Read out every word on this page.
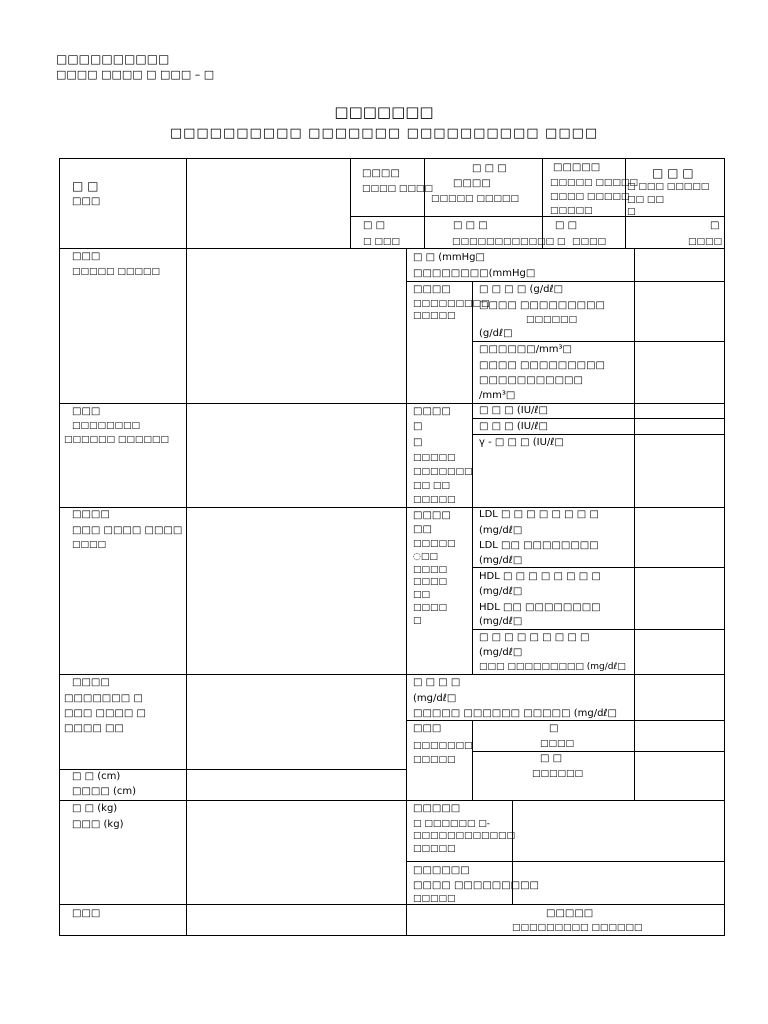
□□□□□□□□□□
□□□□ □□□□ □ □□□ – □
□□□□□□□
□□□□□□□□□□ □□□□□□□ □□□□□□□□□□ □□□□
□ □
□□□
□□□□
□□□□ □□□□
□ □ □
□□□□
□□□□□ □□□□□
□□□□□
□□□□□ □□□□□
□□□□ □□□□□
□□□□□
□ □ □
□ □□□ □□□□□
□□ □□
□
□ □
□ □□□
□ □ □
□□□□□□□□□□□□ □
□ □
□□□□
□
□□□□
□□□
□□□□□ □□□□□
□□□
□□□□□□□□
□□□□□□ □□□□□□
□□□□
□□□ □□□□ □□□□
□□□□
□□□□
□□□□□□□ □
□□□ □□□□ □
□□□□ □□
□ □ (cm)
□□□□ (cm)
□ □ (kg)
□□□ (kg)
□□□
□ □ (mmHg□
□□□□□□□□(mmHg□
□□□□
□□□□□□□□□
□□□□□
□ □ □ □ (g/dℓ□
□□□□ □□□□□□□□□
□□□□□□
(g/dℓ□
□□□□□□/mm³□
□□□□ □□□□□□□□□
□□□□□□□□□□□
/mm³□
□□□□
□
□
□□□□□
□□□□□□□
□□ □□
□□□□□
□ □ □ (IU/ℓ□
□ □ □ (IU/ℓ□
γ - □ □ □ (IU/ℓ□
□□□□
□□
□□□□□
◌□□
□□□□
□□□□
□□
□□□□
□
LDL □ □ □ □ □ □ □ □
(mg/dℓ□
LDL □□ □□□□□□□□
(mg/dℓ□
HDL □ □ □ □ □ □ □ □
(mg/dℓ□
HDL □□ □□□□□□□□
(mg/dℓ□
□ □ □ □ □ □ □ □ □
(mg/dℓ□
□□□ □□□□□□□□□ (mg/dℓ□
□ □ □ □
(mg/dℓ□
□□□□□ □□□□□□ □□□□□ (mg/dℓ□
□□□
□□□□□□□
□□□□□
□
□□□□
□ □
□□□□□□
□□□□□
□ □□□□□□ □-
□□□□□□□□□□□□
□□□□□
□□□□□□
□□□□ □□□□□□□□□
□□□□□
□□□□□
□□□□□□□□□ □□□□□□
